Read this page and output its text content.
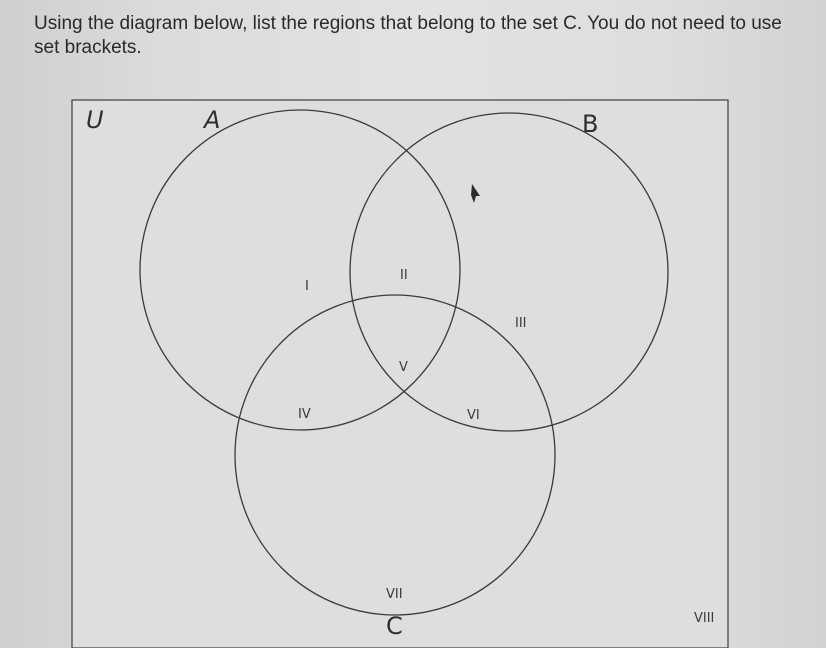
Using the diagram below, list the regions that belong to the set C. You do not need to use set brackets.
U	A	B
C
I
II
III
IV
V
VI
VII
VIII
